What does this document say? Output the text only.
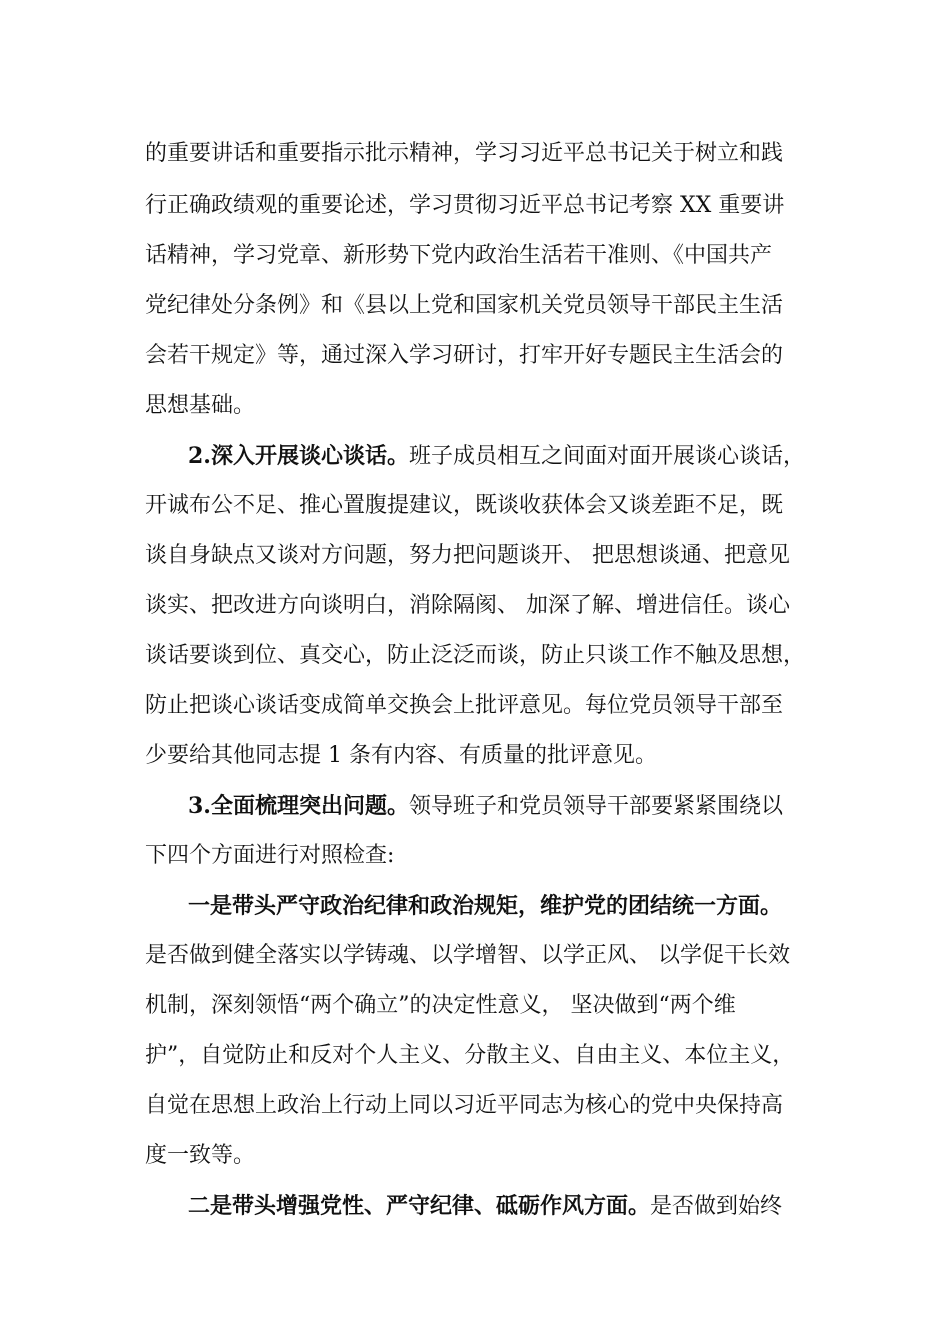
的重要讲话和重要指示批示精神，学习习近平总书记关于树立和践
行正确政绩观的重要论述，学习贯彻习近平总书记考察 XX 重要讲
话精神，学习党章、新形势下党内政治生活若干准则、《中国共产
党纪律处分条例》和《县以上党和国家机关党员领导干部民主生活
会若干规定》等，通过深入学习研讨，打牢开好专题民主生活会的
思想基础。
2.深入开展谈心谈话。班子成员相互之间面对面开展谈心谈话，
开诚布公不足、推心置腹提建议，既谈收获体会又谈差距不足，既
谈自身缺点又谈对方问题，努力把问题谈开、 把思想谈通、把意见
谈实、把改进方向谈明白，消除隔阂、 加深了解、增进信任。谈心
谈话要谈到位、真交心，防止泛泛而谈，防止只谈工作不触及思想，
防止把谈心谈话变成简单交换会上批评意见。每位党员领导干部至
少要给其他同志提 1 条有内容、有质量的批评意见。
3.全面梳理突出问题。领导班子和党员领导干部要紧紧围绕以
下四个方面进行对照检查:
一是带头严守政治纪律和政治规矩，维护党的团结统一方面。
是否做到健全落实以学铸魂、以学增智、以学正风、 以学促干长效
机制，深刻领悟“两个确立”的决定性意义， 坚决做到“两个维
护”，自觉防止和反对个人主义、分散主义、自由主义、本位主义，
自觉在思想上政治上行动上同以习近平同志为核心的党中央保持高
度一致等。
二是带头增强党性、严守纪律、砥砺作风方面。是否做到始终
